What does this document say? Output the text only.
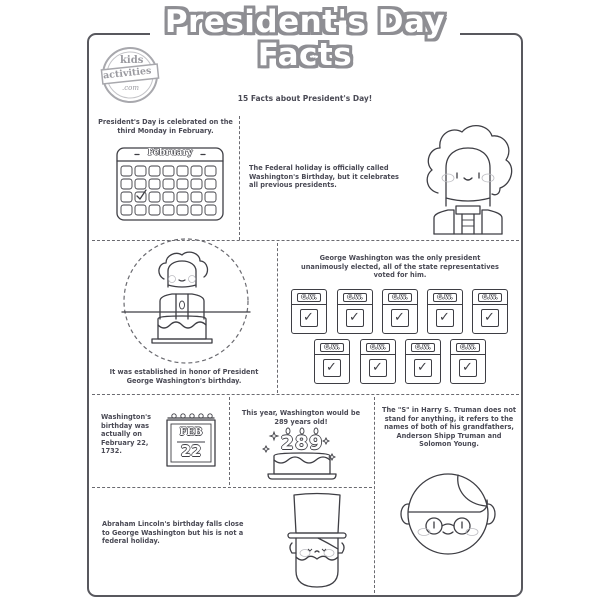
President's Day
Facts
15 Facts about President's Day!
kids
activities
.com
President's Day is celebrated on the third Monday in February.
February
The Federal holiday is officially called Washington's Birthday, but it celebrates all previous presidents.
It was established in honor of President George Washington's birthday.
George Washington was the only president unanimously elected, all of the state representatives voted for him.
G.W.
✓
G.W.
✓
G.W.
✓
G.W.
✓
G.W.
✓
G.W.
✓
G.W.
✓
G.W.
✓
G.W.
✓
Washington's birthday was actually on February 22, 1732.
FEB
22
This year, Washington would be 289 years old!
289
The "S" in Harry S. Truman does not stand for anything, it refers to the names of both of his grandfathers, Anderson Shipp Truman and Solomon Young.
Abraham Lincoln's birthday falls close to George Washington but his is not a federal holiday.
